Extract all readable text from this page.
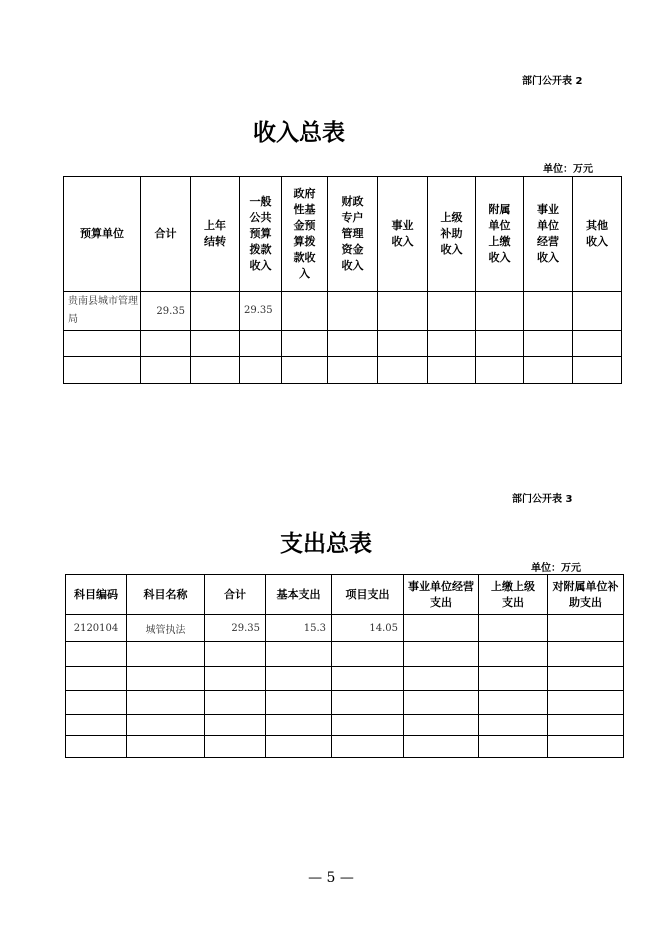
部门公开表 2
收入总表
单位：万元
预算单位	合计	上年结转	一般公共预算拨款收入	政府性基金预算拨款收入	财政专户管理资金收入	事业收入	上级补助收入	附属单位上缴收入	事业单位经营收入	其他收入
贵南县城市管理局	29.35		29.35							

部门公开表 3
支出总表
单位：万元
科目编码	科目名称	合计	基本支出	项目支出	事业单位经营支出	上缴上级支出	对附属单位补助支出
2120104	城管执法	29.35	15.3	14.05			

— 5 —
